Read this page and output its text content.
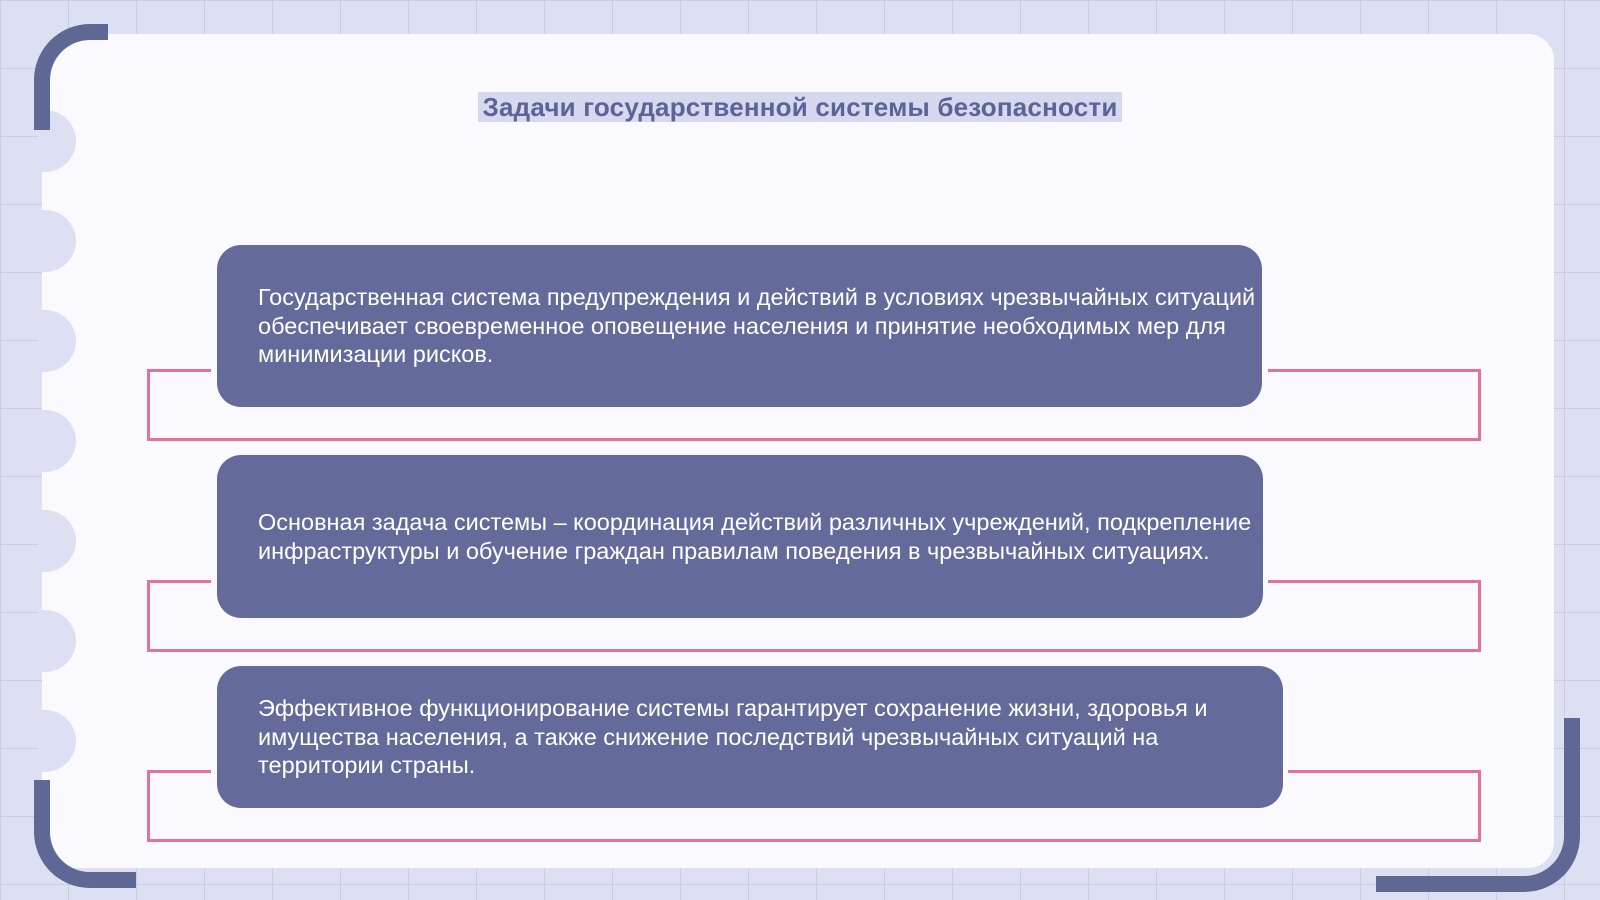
Задачи государственной системы безопасности

Государственная система предупреждения и действий в условиях чрезвычайных ситуаций обеспечивает своевременное оповещение населения и принятие необходимых мер для минимизации рисков.

Основная задача системы – координация действий различных учреждений, подкрепление инфраструктуры и обучение граждан правилам поведения в чрезвычайных ситуациях.

Эффективное функционирование системы гарантирует сохранение жизни, здоровья и имущества населения, а также снижение последствий чрезвычайных ситуаций на территории страны.
